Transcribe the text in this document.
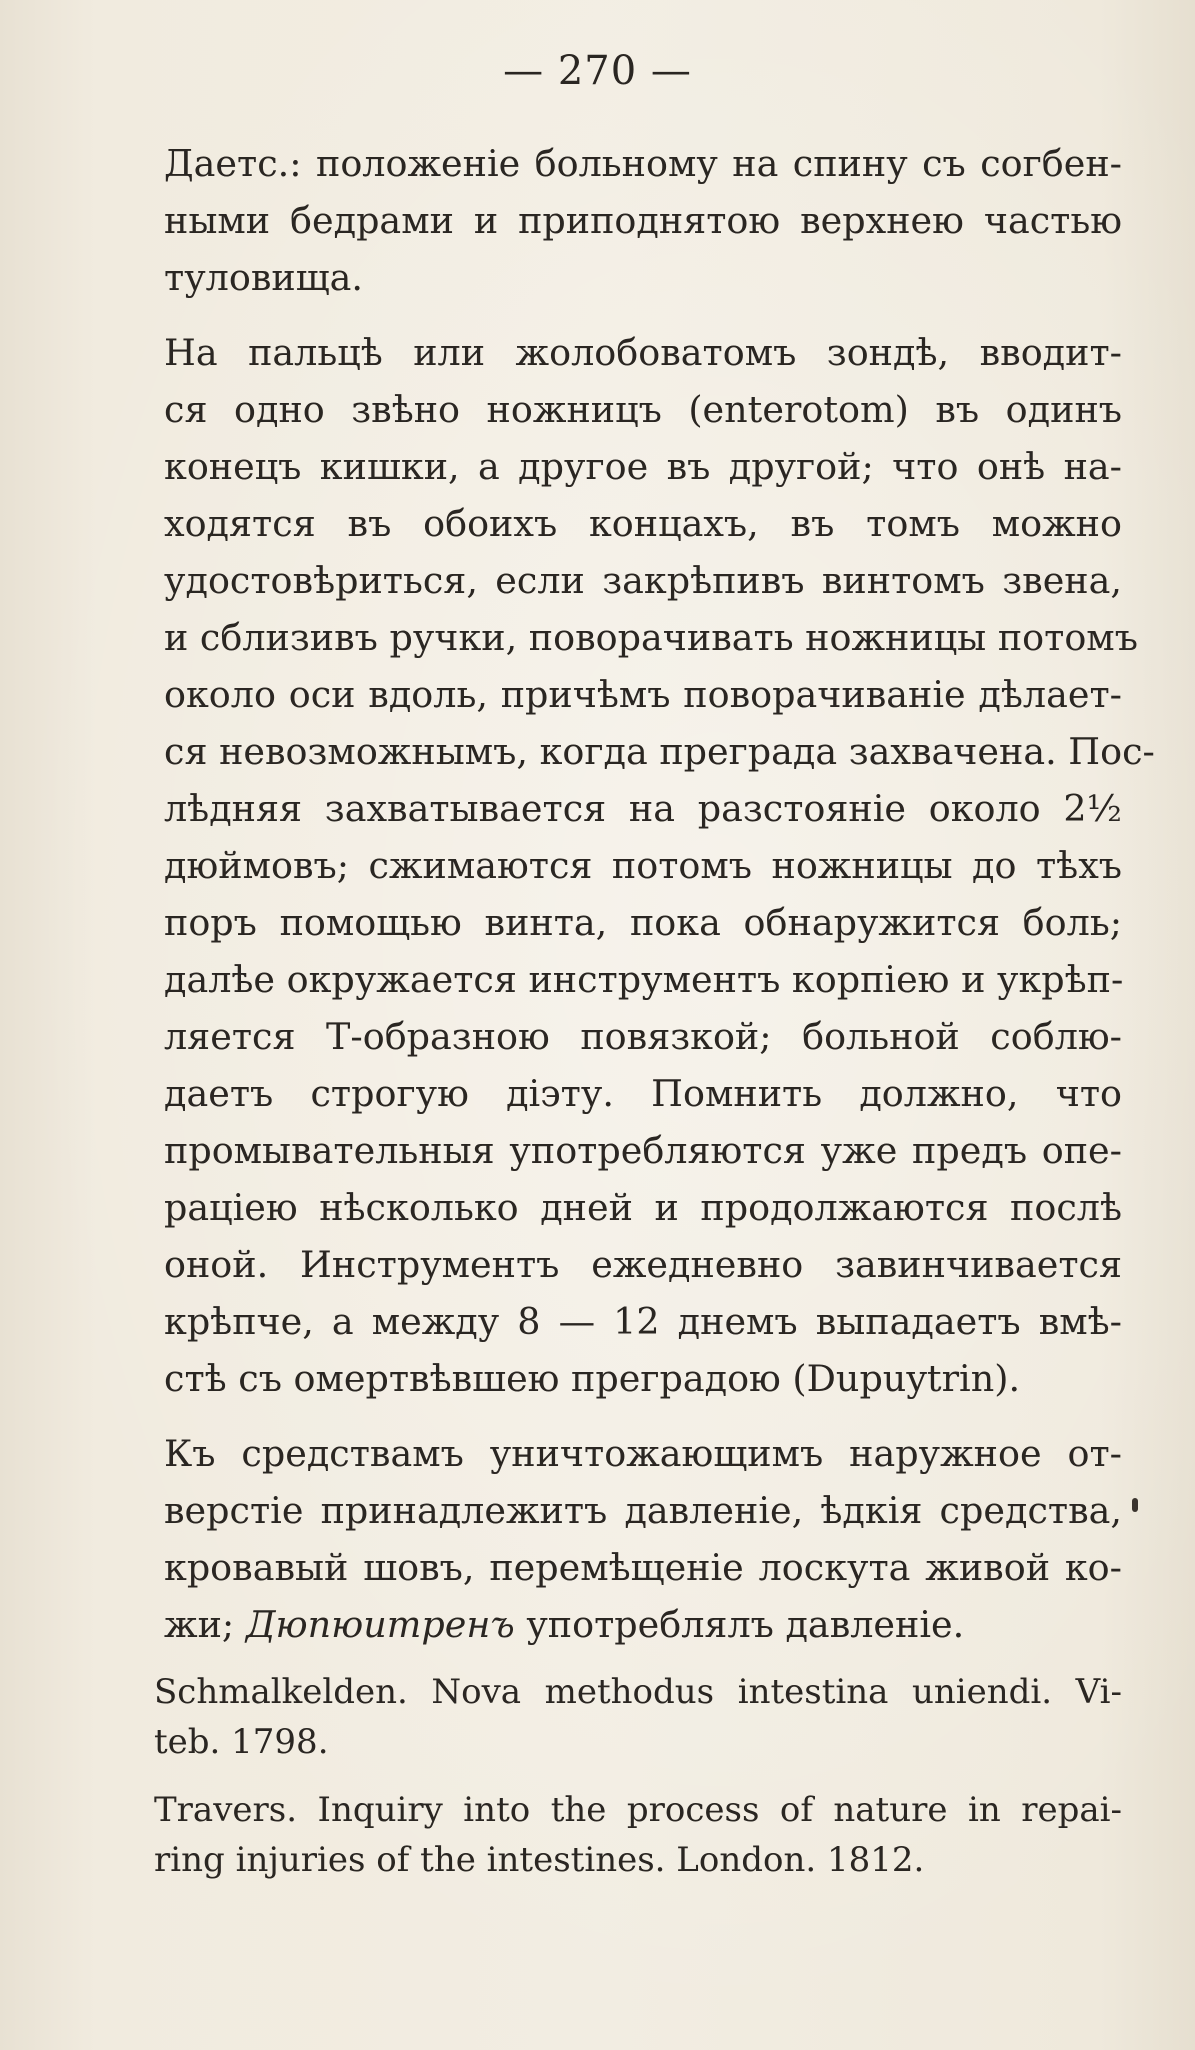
— 270 —

Даетс.: положеніе больному на спину съ согбен-
ными бедрами и приподнятою верхнею частью
туловища.

На пальцѣ или жолобоватомъ зондѣ, вводит-
ся одно звѣно ножницъ (enterotom) въ одинъ
конецъ кишки, а другое въ другой; что онѣ на-
ходятся въ обоихъ концахъ, въ томъ можно
удостовѣриться, если закрѣпивъ винтомъ звена,
и сблизивъ ручки, поворачивать ножницы потомъ
около оси вдоль, причѣмъ поворачиваніе дѣлает-
ся невозможнымъ, когда преграда захвачена. Пос-
лѣдняя захватывается на разстояніе около 2½
дюймовъ; сжимаются потомъ ножницы до тѣхъ
поръ помощью винта, пока обнаружится боль;
далѣе окружается инструментъ корпіею и укрѣп-
ляется Т-образною повязкой; больной соблю-
даетъ строгую діэту. Помнить должно, что
промывательныя употребляются уже предъ опе-
раціею нѣсколько дней и продолжаются послѣ
оной. Инструментъ ежедневно завинчивается
крѣпче, а между 8 — 12 днемъ выпадаетъ вмѣ-
стѣ съ омертвѣвшею преградою (Dupuytrin).

Къ средствамъ уничтожающимъ наружное от-
верстіе принадлежитъ давленіе, ѣдкія средства,
кровавый шовъ, перемѣщеніе лоскута живой ко-
жи; Дюпюитренъ употреблялъ давленіе.

Schmalkelden. Nova methodus intestina uniendi. Vi-
teb. 1798.

Travers. Inquiry into the process of nature in repai-
ring injuries of the intestines. London. 1812.
